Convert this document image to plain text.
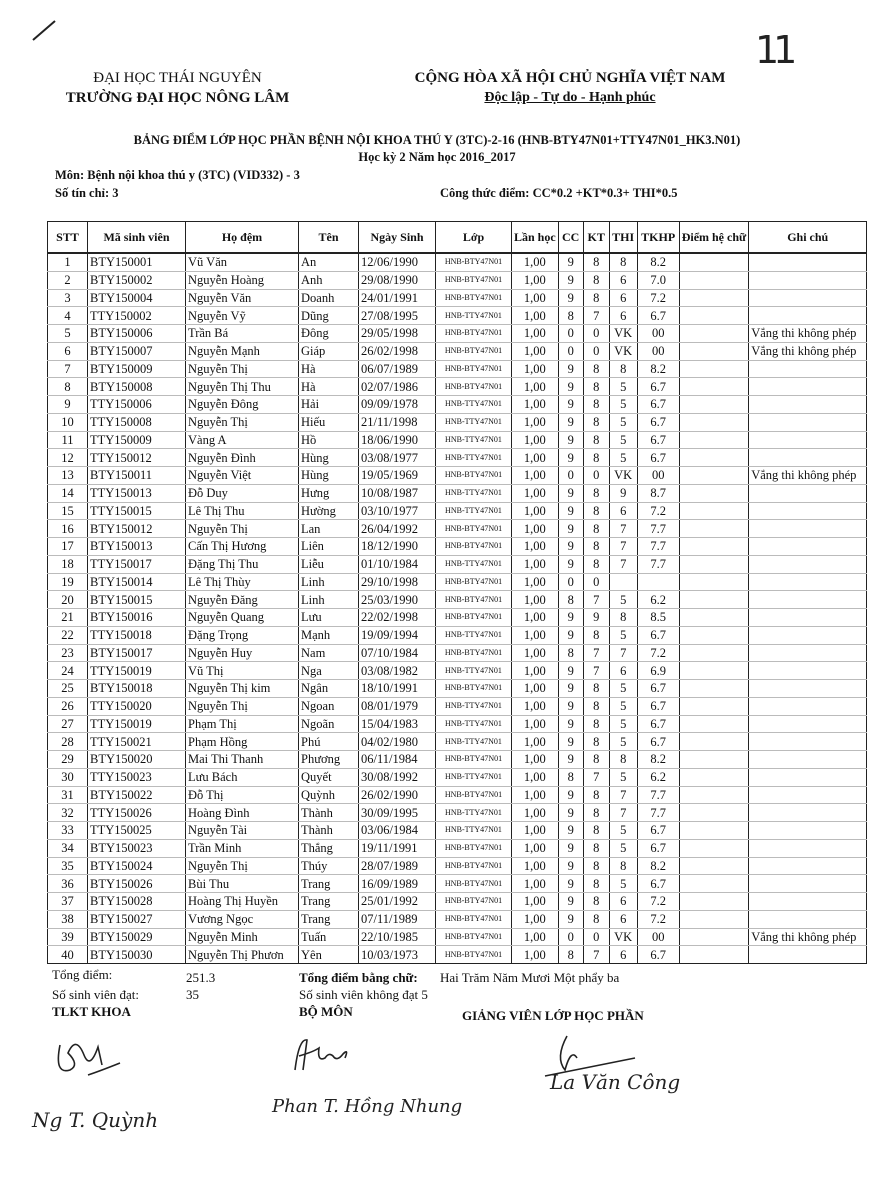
11
ĐẠI HỌC THÁI NGUYÊN
TRƯỜNG ĐẠI HỌC NÔNG LÂM
CỘNG HÒA XÃ HỘI CHỦ NGHĨA VIỆT NAM
Độc lập - Tự do - Hạnh phúc
BẢNG ĐIỂM LỚP HỌC PHẦN BỆNH NỘI KHOA THÚ Y (3TC)-2-16 (HNB-BTY47N01+TTY47N01_HK3.N01)
Học kỳ 2 Năm học 2016_2017
Môn: Bệnh nội khoa thú y (3TC) (VID332) - 3
Số tín chỉ: 3	Công thức điểm: CC*0.2 +KT*0.3+ THI*0.5
STT	Mã sinh viên	Họ đệm	Tên	Ngày Sinh	Lớp	Lần học	CC	KT	THI	TKHP	Điểm hệ chữ	Ghi chú
1	BTY150001	Vũ Văn	An	12/06/1990	HNB-BTY47N01	1,00	9	8	8	8.2		
2	BTY150002	Nguyễn Hoàng	Anh	29/08/1990	HNB-BTY47N01	1,00	9	8	6	7.0		
3	BTY150004	Nguyễn Văn	Doanh	24/01/1991	HNB-BTY47N01	1,00	9	8	6	7.2		
4	TTY150002	Nguyễn Vỹ	Dũng	27/08/1995	HNB-TTY47N01	1,00	8	7	6	6.7		
5	BTY150006	Trần Bá	Đông	29/05/1998	HNB-BTY47N01	1,00	0	0	VK	00		Vắng thi không phép
6	BTY150007	Nguyễn Mạnh	Giáp	26/02/1998	HNB-BTY47N01	1,00	0	0	VK	00		Vắng thi không phép
7	BTY150009	Nguyễn Thị	Hà	06/07/1989	HNB-BTY47N01	1,00	9	8	8	8.2		
8	BTY150008	Nguyễn Thị Thu	Hà	02/07/1986	HNB-BTY47N01	1,00	9	8	5	6.7		
9	TTY150006	Nguyễn Đông	Hải	09/09/1978	HNB-TTY47N01	1,00	9	8	5	6.7		
10	TTY150008	Nguyễn Thị	Hiếu	21/11/1998	HNB-TTY47N01	1,00	9	8	5	6.7		
11	TTY150009	Vàng A	Hồ	18/06/1990	HNB-TTY47N01	1,00	9	8	5	6.7		
12	TTY150012	Nguyễn Đình	Hùng	03/08/1977	HNB-TTY47N01	1,00	9	8	5	6.7		
13	BTY150011	Nguyễn Việt	Hùng	19/05/1969	HNB-BTY47N01	1,00	0	0	VK	00		Vắng thi không phép
14	TTY150013	Đỗ Duy	Hưng	10/08/1987	HNB-TTY47N01	1,00	9	8	9	8.7		
15	TTY150015	Lê Thị Thu	Hường	03/10/1977	HNB-TTY47N01	1,00	9	8	6	7.2		
16	BTY150012	Nguyễn Thị	Lan	26/04/1992	HNB-BTY47N01	1,00	9	8	7	7.7		
17	BTY150013	Cấn Thị Hương	Liên	18/12/1990	HNB-BTY47N01	1,00	9	8	7	7.7		
18	TTY150017	Đặng Thị Thu	Liễu	01/10/1984	HNB-TTY47N01	1,00	9	8	7	7.7		
19	BTY150014	Lê Thị Thùy	Linh	29/10/1998	HNB-BTY47N01	1,00	0	0				
20	BTY150015	Nguyễn Đăng	Linh	25/03/1990	HNB-BTY47N01	1,00	8	7	5	6.2		
21	BTY150016	Nguyễn Quang	Lưu	22/02/1998	HNB-BTY47N01	1,00	9	9	8	8.5		
22	TTY150018	Đặng Trọng	Mạnh	19/09/1994	HNB-TTY47N01	1,00	9	8	5	6.7		
23	BTY150017	Nguyễn Huy	Nam	07/10/1984	HNB-BTY47N01	1,00	8	7	7	7.2		
24	TTY150019	Vũ Thị	Nga	03/08/1982	HNB-TTY47N01	1,00	9	7	6	6.9		
25	BTY150018	Nguyễn Thị kim	Ngân	18/10/1991	HNB-BTY47N01	1,00	9	8	5	6.7		
26	TTY150020	Nguyễn Thị	Ngoan	08/01/1979	HNB-TTY47N01	1,00	9	8	5	6.7		
27	TTY150019	Phạm Thị	Ngoãn	15/04/1983	HNB-TTY47N01	1,00	9	8	5	6.7		
28	TTY150021	Phạm Hồng	Phú	04/02/1980	HNB-TTY47N01	1,00	9	8	5	6.7		
29	BTY150020	Mai Thi Thanh	Phương	06/11/1984	HNB-BTY47N01	1,00	9	8	8	8.2		
30	TTY150023	Lưu Bách	Quyết	30/08/1992	HNB-TTY47N01	1,00	8	7	5	6.2		
31	BTY150022	Đỗ Thị	Quỳnh	26/02/1990	HNB-BTY47N01	1,00	9	8	7	7.7		
32	TTY150026	Hoàng Đình	Thành	30/09/1995	HNB-TTY47N01	1,00	9	8	7	7.7		
33	TTY150025	Nguyễn Tài	Thành	03/06/1984	HNB-TTY47N01	1,00	9	8	5	6.7		
34	BTY150023	Trần Minh	Thắng	19/11/1991	HNB-BTY47N01	1,00	9	8	5	6.7		
35	BTY150024	Nguyễn Thị	Thúy	28/07/1989	HNB-BTY47N01	1,00	9	8	8	8.2		
36	BTY150026	Bùi Thu	Trang	16/09/1989	HNB-BTY47N01	1,00	9	8	5	6.7		
37	BTY150028	Hoàng Thị Huyền	Trang	25/01/1992	HNB-BTY47N01	1,00	9	8	6	7.2		
38	BTY150027	Vương Ngọc	Trang	07/11/1989	HNB-BTY47N01	1,00	9	8	6	7.2		
39	BTY150029	Nguyễn Minh	Tuấn	22/10/1985	HNB-BTY47N01	1,00	0	0	VK	00		Vắng thi không phép
40	BTY150030	Nguyễn Thị Phươn	Yên	10/03/1973	HNB-BTY47N01	1,00	8	7	6	6.7		
Tổng điểm:	251.3	Tổng điểm bằng chữ: Hai Trăm Năm Mươi Một phẩy ba
Số sinh viên đạt:	35	Số sinh viên không đạt 5
TLKT KHOA	BỘ MÔN	GIẢNG VIÊN LỚP HỌC PHẦN
Ng T. Quỳnh
Phan T. Hồng Nhung
La Văn Công
